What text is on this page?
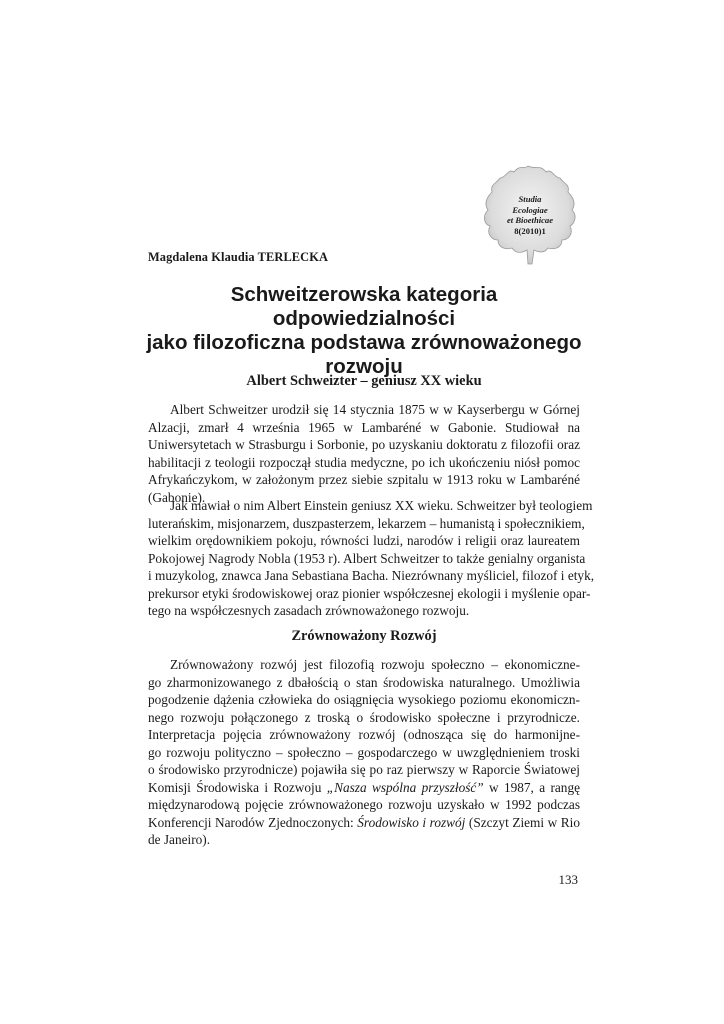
Studia
Ecologiae
et Bioethicae
8(2010)1
Magdalena Klaudia TERLECKA
Schweitzerowska kategoria odpowiedzialności
jako filozoficzna podstawa zrównoważonego
rozwoju
Albert Schweizter – geniusz XX wieku
Albert Schweitzer urodził się 14 stycznia 1875 w w Kayserbergu w Górnej
Alzacji, zmarł 4 września 1965 w Lambaréné w Gabonie. Studiował na
Uniwersytetach w Strasburgu i Sorbonie, po uzyskaniu doktoratu z filozofii oraz
habilitacji z teologii rozpoczął studia medyczne, po ich ukończeniu niósł pomoc
Afrykańczykom, w założonym przez siebie szpitalu w 1913 roku w Lambaréné
(Gabonie).
Jak mawiał o nim Albert Einstein geniusz XX wieku. Schweitzer był teologiem
luterańskim, misjonarzem, duszpasterzem, lekarzem – humanistą i społecznikiem,
wielkim orędownikiem pokoju, równości ludzi, narodów i religii oraz laureatem
Pokojowej Nagrody Nobla (1953 r). Albert Schweitzer to także genialny organista
i muzykolog, znawca Jana Sebastiana Bacha. Niezrównany myśliciel, filozof i etyk,
prekursor etyki środowiskowej oraz pionier współczesnej ekologii i myślenie opar-
tego na współczesnych zasadach zrównoważonego rozwoju.
Zrównoważony Rozwój
Zrównoważony rozwój jest filozofią rozwoju społeczno – ekonomiczne-
go zharmonizowanego z dbałością o stan środowiska naturalnego. Umożliwia
pogodzenie dążenia człowieka do osiągnięcia wysokiego poziomu ekonomiczn-
nego rozwoju połączonego z troską o środowisko społeczne i przyrodnicze.
Interpretacja pojęcia zrównoważony rozwój (odnosząca się do harmonijne-
go rozwoju polityczno – społeczno – gospodarczego w uwzględnieniem troski
o środowisko przyrodnicze) pojawiła się po raz pierwszy w Raporcie Światowej
Komisji Środowiska i Rozwoju „Nasza wspólna przyszłość” w 1987, a rangę
międzynarodową pojęcie zrównoważonego rozwoju uzyskało w 1992 podczas
Konferencji Narodów Zjednoczonych: Środowisko i rozwój (Szczyt Ziemi w Rio
de Janeiro).
133
